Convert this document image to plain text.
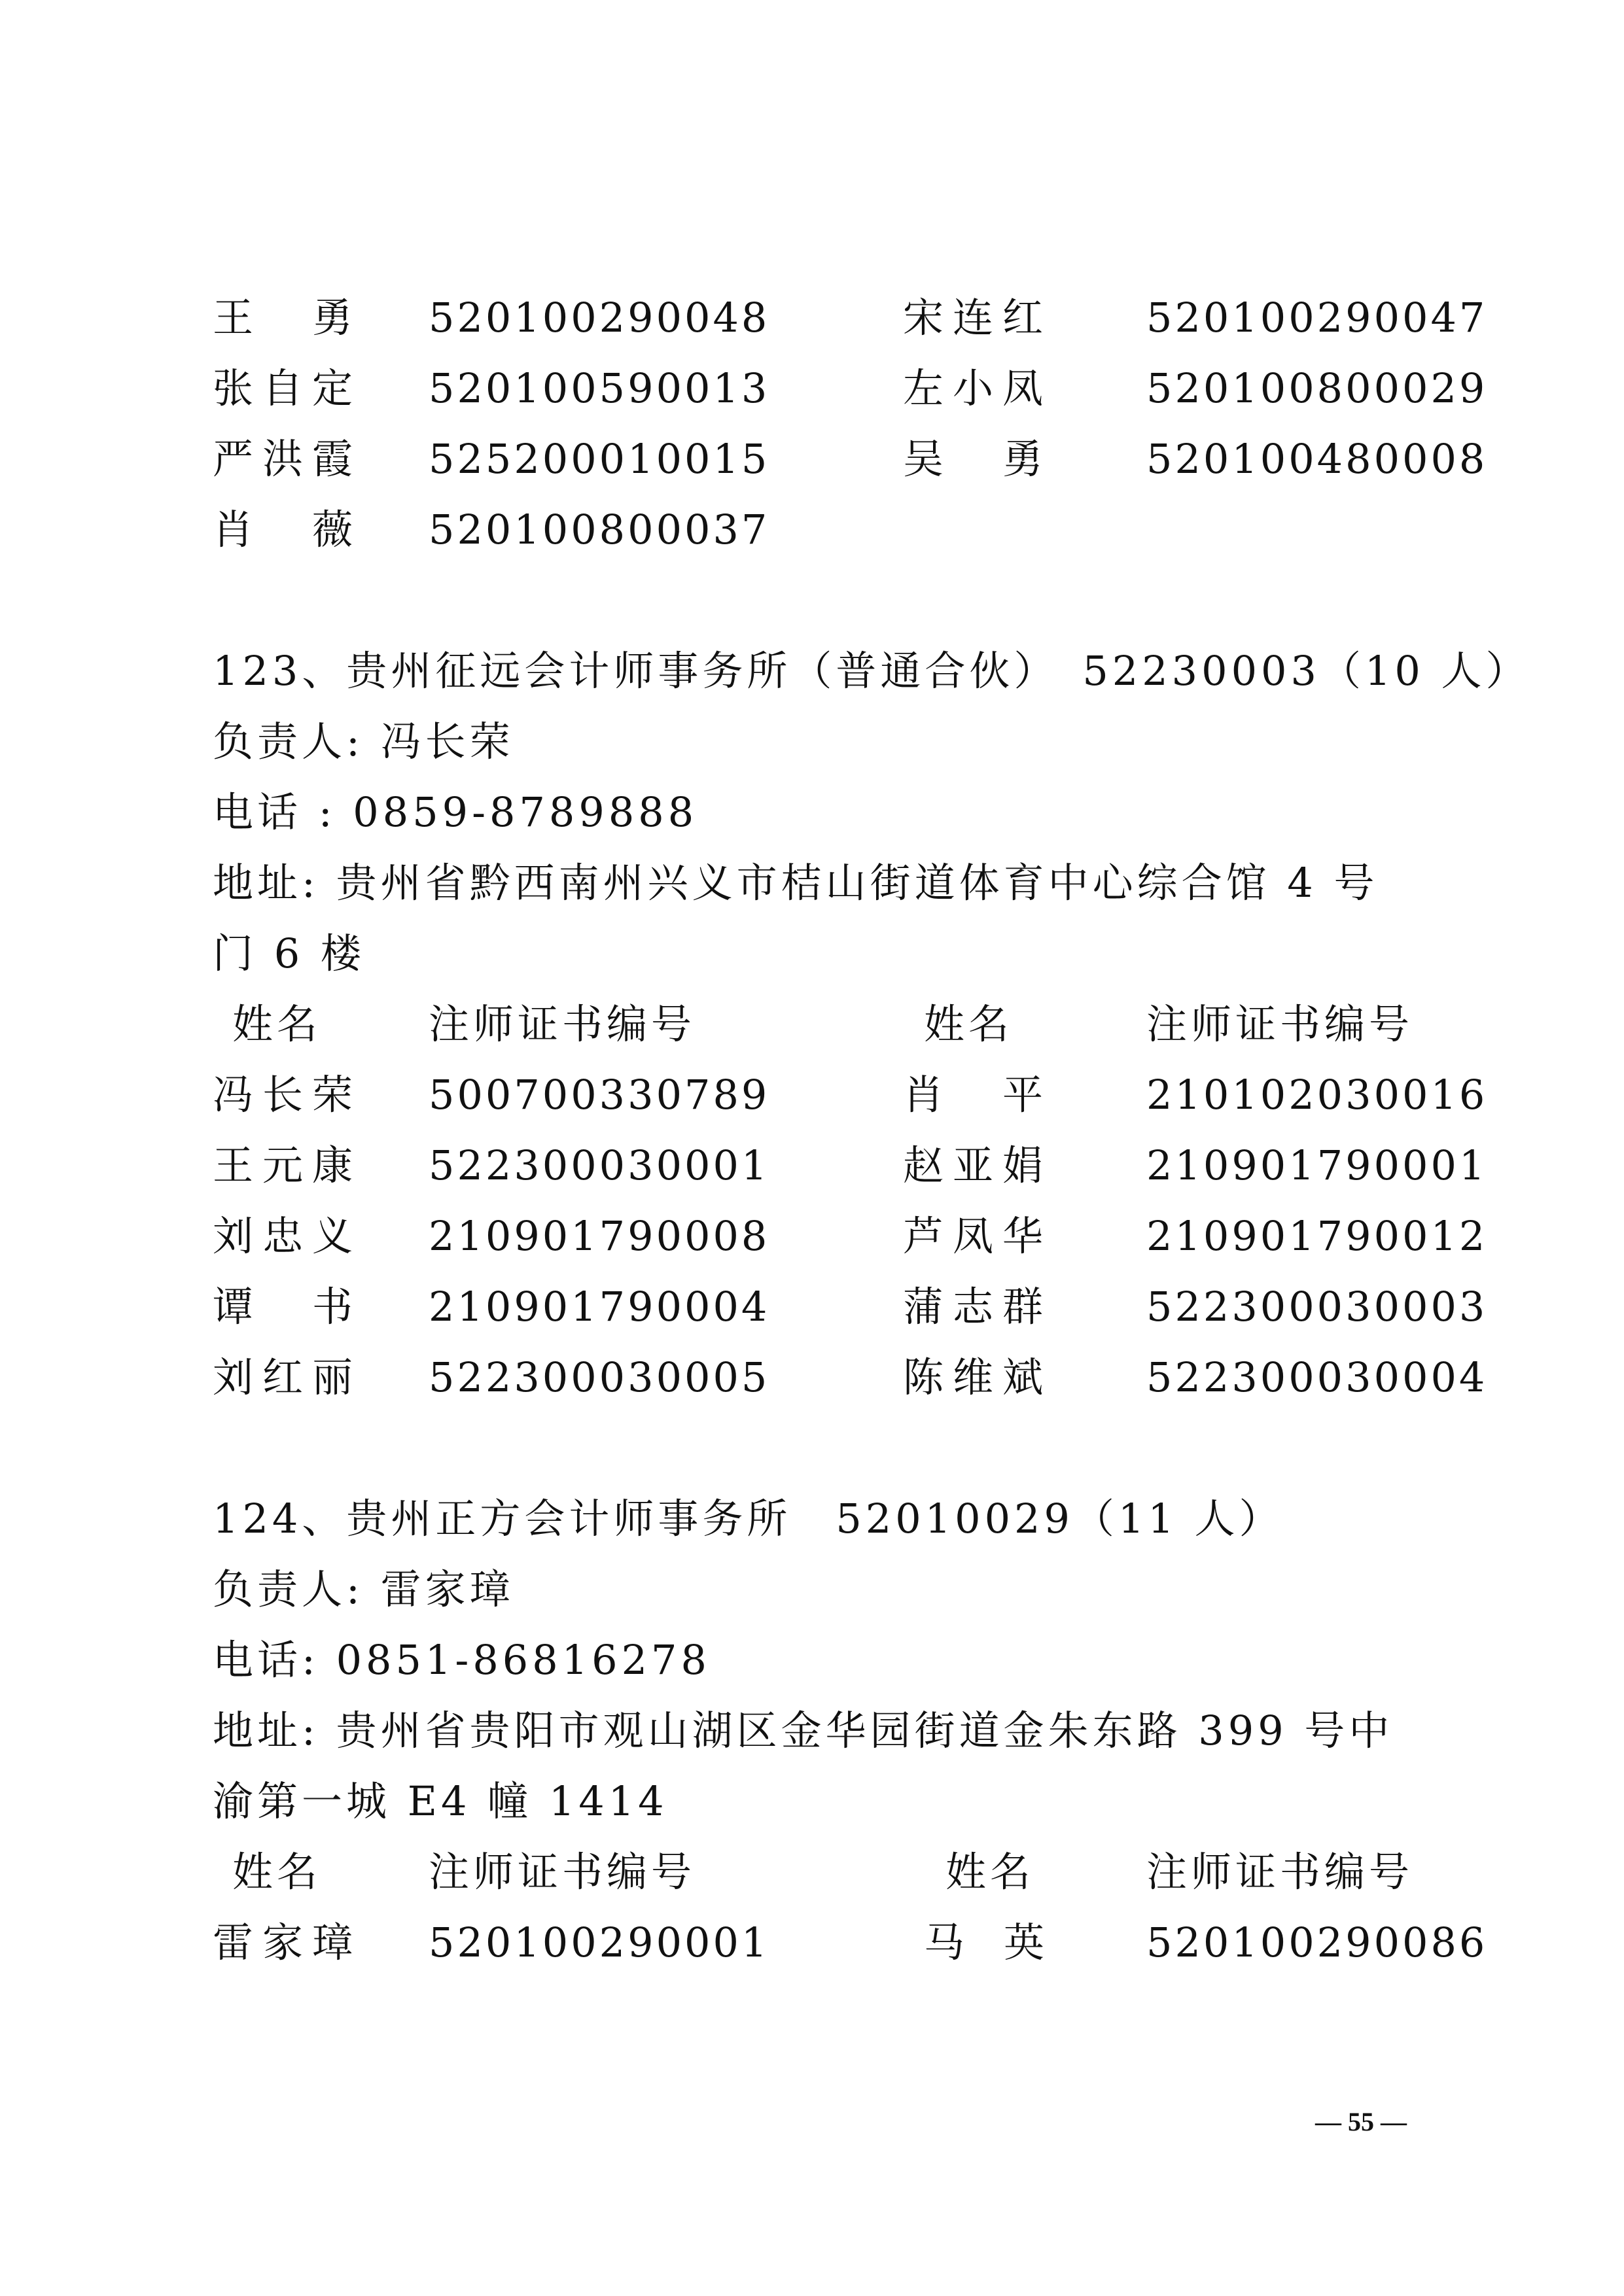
王勇 520100290048	宋连红 520100290047
张自定 520100590013	左小凤 520100800029
严洪霞 525200010015	吴勇 520100480008
肖薇 520100800037
123、贵州征远会计师事务所（普通合伙）　52230003（10 人）
负责人: 冯长荣
电话 : 0859-8789888
地址: 贵州省黔西南州兴义市桔山街道体育中心综合馆 4 号门 6 楼
姓名	注师证书编号	姓名	注师证书编号
冯长荣 500700330789	肖平 210102030016
王元康 522300030001	赵亚娟 210901790001
刘忠义 210901790008	芦凤华 210901790012
谭书 210901790004	蒲志群 522300030003
刘红丽 522300030005	陈维斌 522300030004
124、贵州正方会计师事务所　52010029（11 人）
负责人: 雷家璋
电话: 0851-86816278
地址: 贵州省贵阳市观山湖区金华园街道金朱东路 399 号中渝第一城 E4 幢 1414
姓名	注师证书编号	姓名	注师证书编号
雷家璋 520100290001	马英 520100290086
— 55 —
